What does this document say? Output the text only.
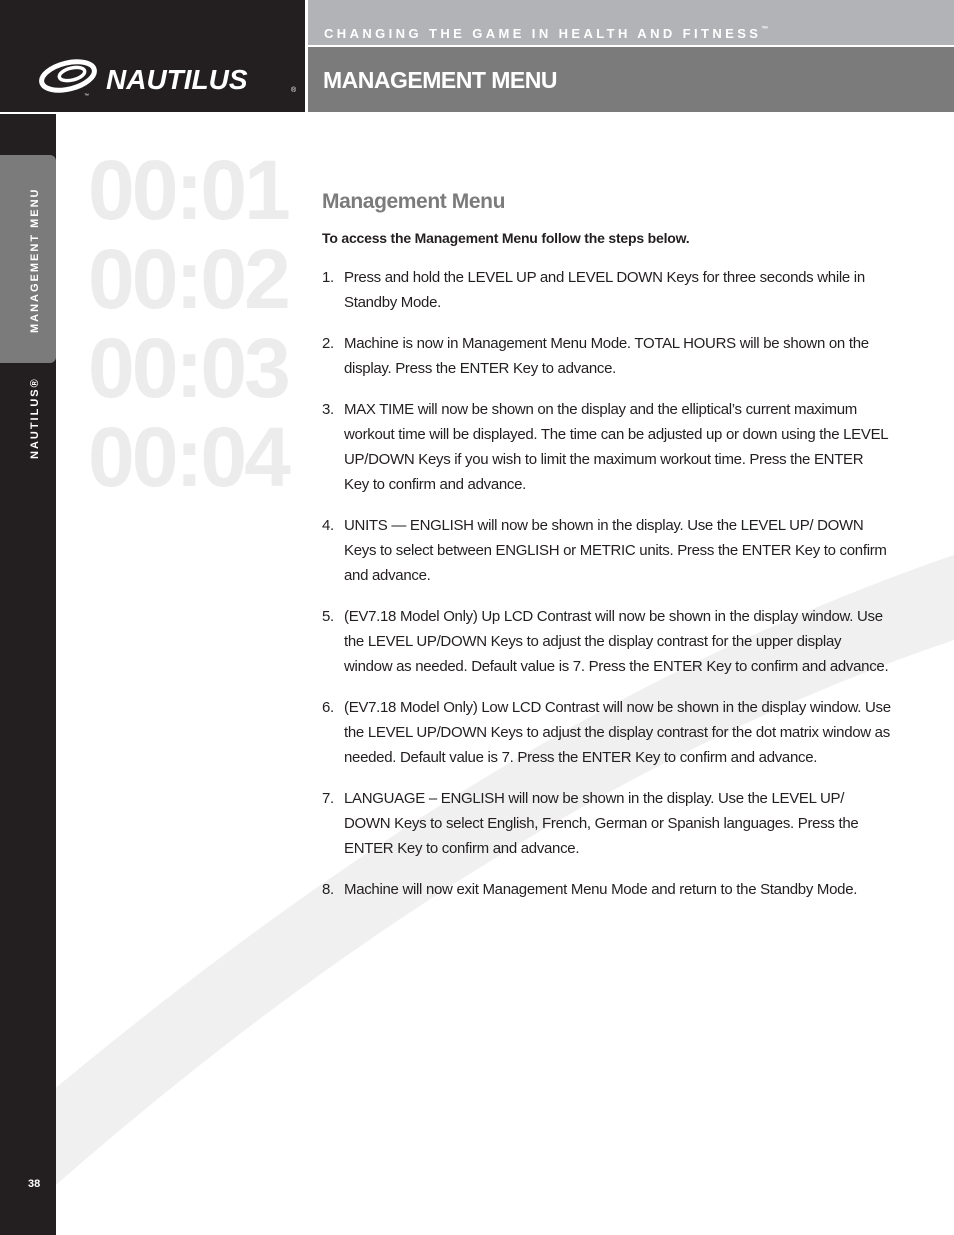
NAUTILUS
™
®
CHANGING THE GAME IN HEALTH AND FITNESS™
MANAGEMENT MENU
MANAGEMENT MENU
NAUTILUS®
38
00:01
00:02
00:03
00:04
Management Menu

To access the Management Menu follow the steps below.

1. Press and hold the LEVEL UP and LEVEL DOWN Keys for three seconds while in Standby Mode.
2. Machine is now in Management Menu Mode. TOTAL HOURS will be shown on the display. Press the ENTER Key to advance.
3. MAX TIME will now be shown on the display and the elliptical’s current maximum workout time will be displayed. The time can be adjusted up or down using the LEVEL UP/DOWN Keys if you wish to limit the maximum workout time. Press the ENTER Key to confirm and advance.
4. UNITS — ENGLISH will now be shown in the display. Use the LEVEL UP/ DOWN Keys to select between ENGLISH or METRIC units. Press the ENTER Key to confirm and advance.
5. (EV7.18 Model Only) Up LCD Contrast will now be shown in the display window. Use the LEVEL UP/DOWN Keys to adjust the display contrast for the upper display window as needed. Default value is 7. Press the ENTER Key to confirm and advance.
6. (EV7.18 Model Only) Low LCD Contrast will now be shown in the display window. Use the LEVEL UP/DOWN Keys to adjust the display contrast for the dot matrix window as needed. Default value is 7. Press the ENTER Key to confirm and advance.
7. LANGUAGE – ENGLISH will now be shown in the display. Use the LEVEL UP/ DOWN Keys to select English, French, German or Spanish languages. Press the ENTER Key to confirm and advance.
8. Machine will now exit Management Menu Mode and return to the Standby Mode.
